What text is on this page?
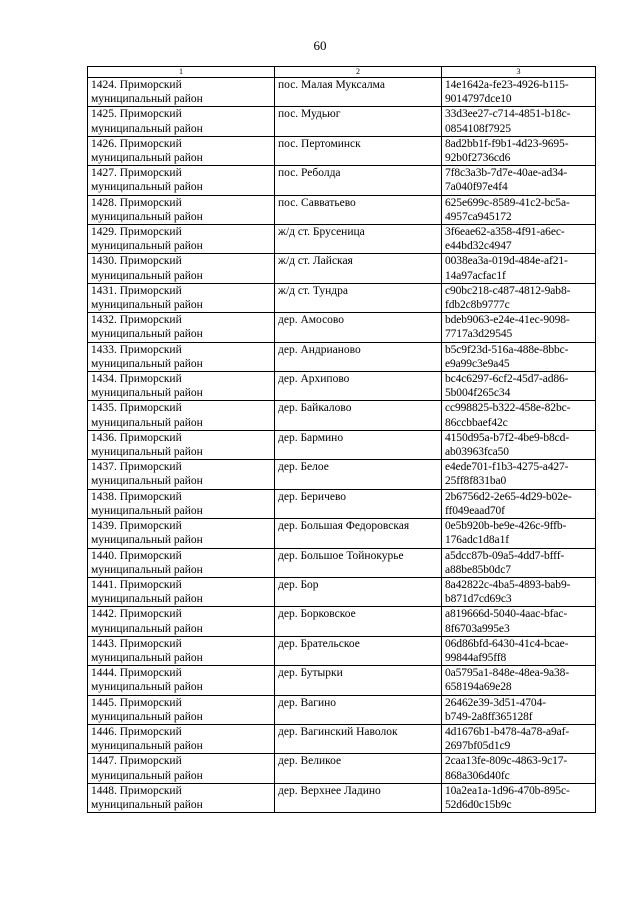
60
1	2	3

1424. Приморский
муниципальный район	пос. Малая Муксалма	14e1642a-fe23-4926-b115-
9014797dce10

1425. Приморский
муниципальный район	пос. Мудьюг	33d3ee27-c714-4851-b18c-
0854108f7925

1426. Приморский
муниципальный район	пос. Пертоминск	8ad2bb1f-f9b1-4d23-9695-
92b0f2736cd6

1427. Приморский
муниципальный район	пос. Реболда	7f8c3a3b-7d7e-40ae-ad34-
7a040f97e4f4

1428. Приморский
муниципальный район	пос. Савватьево	625e699c-8589-41c2-bc5a-
4957ca945172

1429. Приморский
муниципальный район	ж/д ст. Брусеница	3f6eae62-a358-4f91-a6ec-
e44bd32c4947

1430. Приморский
муниципальный район	ж/д ст. Лайская	0038ea3a-019d-484e-af21-
14a97acfac1f

1431. Приморский
муниципальный район	ж/д ст. Тундра	c90bc218-c487-4812-9ab8-
fdb2c8b9777c

1432. Приморский
муниципальный район	дер. Амосово	bdeb9063-e24e-41ec-9098-
7717a3d29545

1433. Приморский
муниципальный район	дер. Андрианово	b5c9f23d-516a-488e-8bbc-
e9a99c3e9a45

1434. Приморский
муниципальный район	дер. Архипово	bc4c6297-6cf2-45d7-ad86-
5b004f265c34

1435. Приморский
муниципальный район	дер. Байкалово	cc998825-b322-458e-82bc-
86ccbbaef42c

1436. Приморский
муниципальный район	дер. Бармино	4150d95a-b7f2-4be9-b8cd-
ab03963fca50

1437. Приморский
муниципальный район	дер. Белое	e4ede701-f1b3-4275-a427-
25ff8f831ba0

1438. Приморский
муниципальный район	дер. Беричево	2b6756d2-2e65-4d29-b02e-
ff049eaad70f

1439. Приморский
муниципальный район	дер. Большая Федоровская	0e5b920b-be9e-426c-9ffb-
176adc1d8a1f

1440. Приморский
муниципальный район	дер. Большое Тойнокурье	a5dcc87b-09a5-4dd7-bfff-
a88be85b0dc7

1441. Приморский
муниципальный район	дер. Бор	8a42822c-4ba5-4893-bab9-
b871d7cd69c3

1442. Приморский
муниципальный район	дер. Борковское	a819666d-5040-4aac-bfac-
8f6703a995e3

1443. Приморский
муниципальный район	дер. Брательское	06d86bfd-6430-41c4-bcae-
99844af95ff8

1444. Приморский
муниципальный район	дер. Бутырки	0a5795a1-848e-48ea-9a38-
658194a69e28

1445. Приморский
муниципальный район	дер. Вагино	26462e39-3d51-4704-
b749-2a8ff365128f

1446. Приморский
муниципальный район	дер. Вагинский Наволок	4d1676b1-b478-4a78-a9af-
2697bf05d1c9

1447. Приморский
муниципальный район	дер. Великое	2caa13fe-809c-4863-9c17-
868a306d40fc

1448. Приморский
муниципальный район	дер. Верхнее Ладино	10a2ea1a-1d96-470b-895c-
52d6d0c15b9c
